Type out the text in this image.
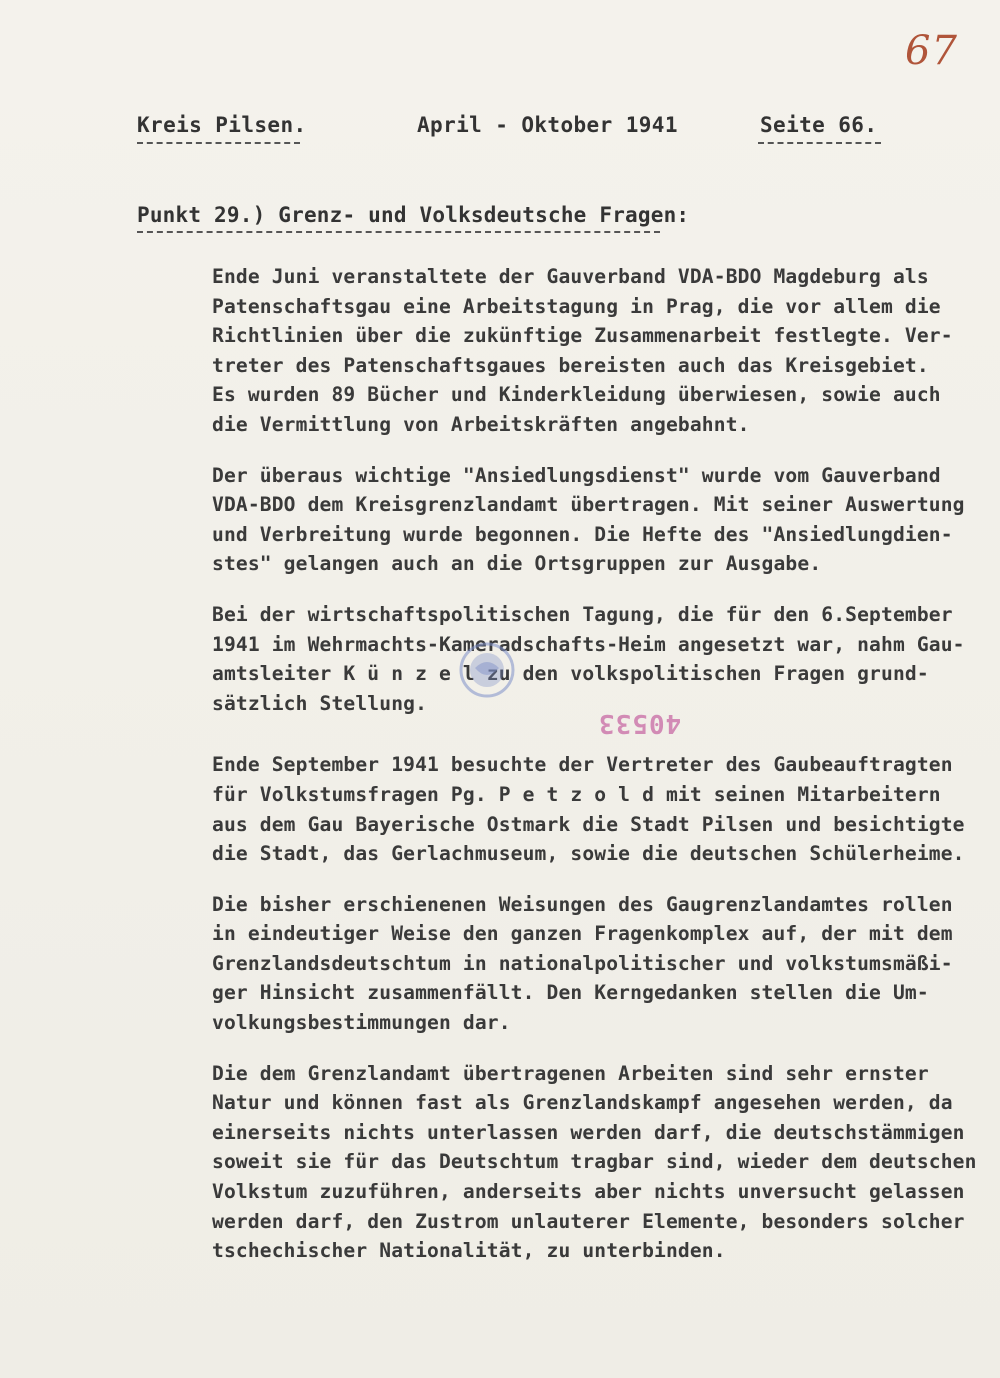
67
Kreis Pilsen.	April - Oktober 1941	Seite 66.
Punkt 29.) Grenz- und Volksdeutsche Fragen:
Ende Juni veranstaltete der Gauverband VDA-BDO Magdeburg als
Patenschaftsgau eine Arbeitstagung in Prag, die vor allem die
Richtlinien über die zukünftige Zusammenarbeit festlegte. Ver-
treter des Patenschaftsgaues bereisten auch das Kreisgebiet.
Es wurden 89 Bücher und Kinderkleidung überwiesen, sowie auch
die Vermittlung von Arbeitskräften angebahnt.
Der überaus wichtige "Ansiedlungsdienst" wurde vom Gauverband
VDA-BDO dem Kreisgrenzlandamt übertragen. Mit seiner Auswertung
und Verbreitung wurde begonnen. Die Hefte des "Ansiedlungdien-
stes" gelangen auch an die Ortsgruppen zur Ausgabe.
Bei der wirtschaftspolitischen Tagung, die für den 6.September
1941 im Wehrmachts-Kameradschafts-Heim angesetzt war, nahm Gau-
amtsleiter K ü n z e l zu den volkspolitischen Fragen grund-
sätzlich Stellung.
Ende September 1941 besuchte der Vertreter des Gaubeauftragten
für Volkstumsfragen Pg. P e t z o l d mit seinen Mitarbeitern
aus dem Gau Bayerische Ostmark die Stadt Pilsen und besichtigte
die Stadt, das Gerlachmuseum, sowie die deutschen Schülerheime.
Die bisher erschienenen Weisungen des Gaugrenzlandamtes rollen
in eindeutiger Weise den ganzen Fragenkomplex auf, der mit dem
Grenzlandsdeutschtum in nationalpolitischer und volkstumsmäßi-
ger Hinsicht zusammenfällt. Den Kerngedanken stellen die Um-
volkungsbestimmungen dar.
Die dem Grenzlandamt übertragenen Arbeiten sind sehr ernster
Natur und können fast als Grenzlandskampf angesehen werden, da
einerseits nichts unterlassen werden darf, die deutschstämmigen
soweit sie für das Deutschtum tragbar sind, wieder dem deutschen
Volkstum zuzuführen, anderseits aber nichts unversucht gelassen
werden darf, den Zustrom unlauterer Elemente, besonders solcher
tschechischer Nationalität, zu unterbinden.
40533
